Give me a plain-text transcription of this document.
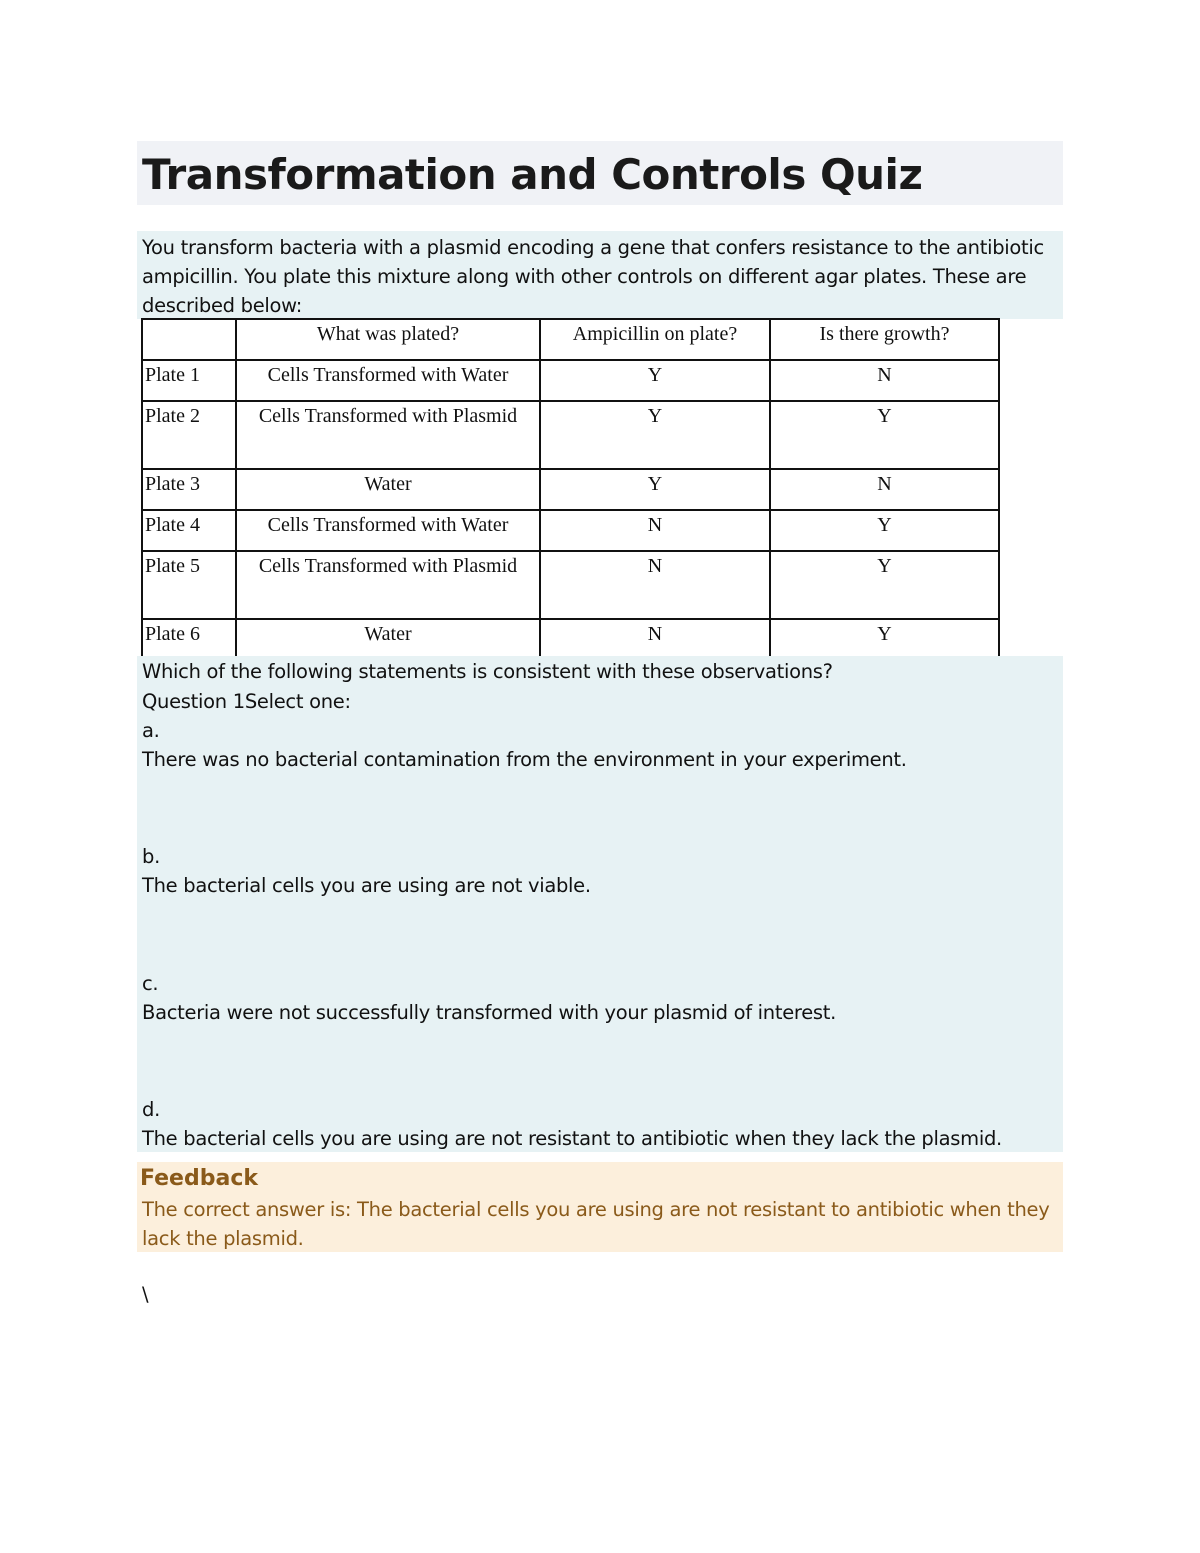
Transformation and Controls Quiz
You transform bacteria with a plasmid encoding a gene that confers resistance to the antibiotic ampicillin. You plate this mixture along with other controls on different agar plates. These are described below:
	What was plated?	Ampicillin on plate?	Is there growth?
Plate 1	Cells Transformed with Water	Y	N
Plate 2	Cells Transformed with Plasmid	Y	Y
Plate 3	Water	Y	N
Plate 4	Cells Transformed with Water	N	Y
Plate 5	Cells Transformed with Plasmid	N	Y
Plate 6	Water	N	Y
Which of the following statements is consistent with these observations?
Question 1Select one:
a.
There was no bacterial contamination from the environment in your experiment.
b.
The bacterial cells you are using are not viable.
c.
Bacteria were not successfully transformed with your plasmid of interest.
d.
The bacterial cells you are using are not resistant to antibiotic when they lack the plasmid.
Feedback
The correct answer is: The bacterial cells you are using are not resistant to antibiotic when they lack the plasmid.
\
